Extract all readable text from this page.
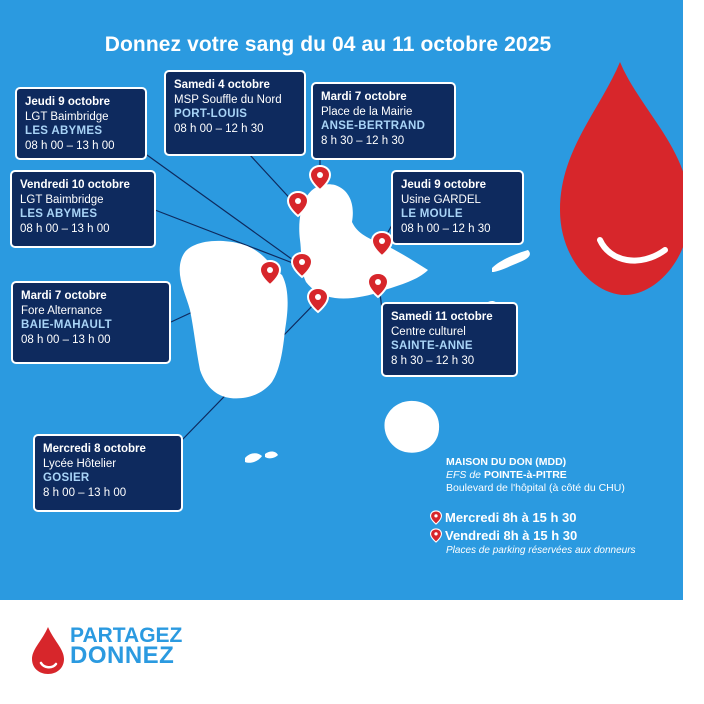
Donnez votre sang du 04 au 11 octobre 2025
Jeudi 9 octobre
LGT Baimbridge
LES ABYMES
08 h 00 – 13 h 00
Samedi 4 octobre
MSP Souffle du Nord
PORT-LOUIS
08 h 00 – 12 h 30
Mardi 7 octobre
Place de la Mairie
ANSE-BERTRAND
8 h 30 – 12 h 30
Vendredi 10 octobre
LGT Baimbridge
LES ABYMES
08 h 00 – 13 h 00
Jeudi 9 octobre
Usine GARDEL
LE MOULE
08 h 00 – 12 h 30
Mardi 7 octobre
Fore Alternance
BAIE-MAHAULT
08 h 00 – 13 h 00
Samedi 11 octobre
Centre culturel
SAINTE-ANNE
8 h 30 – 12 h 30
Mercredi 8 octobre
Lycée Hôtelier
GOSIER
8 h 00 – 13 h 00
MAISON DU DON (MDD)
EFS de POINTE-à-PITRE
Boulevard de l'hôpital (à côté du CHU)
Mercredi 8h à 15 h 30
Vendredi 8h à 15 h 30
Places de parking réservées aux donneurs
PARTAGEZ
DONNEZ
